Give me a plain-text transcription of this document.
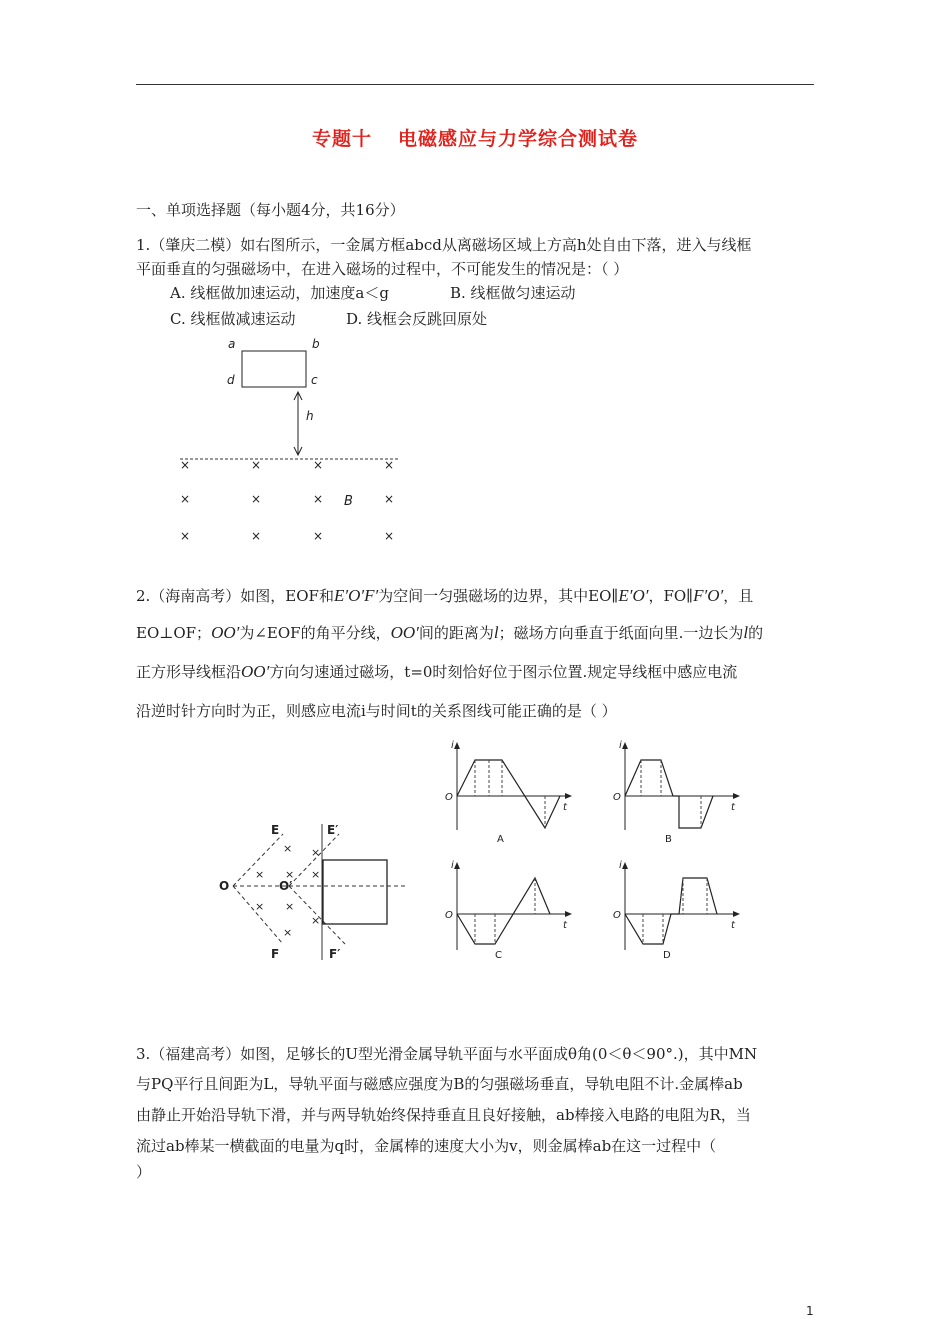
专题十 电磁感应与力学综合测试卷
一、单项选择题（每小题4分，共16分）
1.（肇庆二模）如右图所示，一金属方框abcd从离磁场区域上方高h处自由下落，进入与线框
平面垂直的匀强磁场中，在进入磁场的过程中，不可能发生的情况是：（ ）
A. 线框做加速运动，加速度a＜g	B. 线框做匀速运动
C. 线框做减速运动	D. 线框会反跳回原处
a	b
d	c
h
×	×	×	×
×	×	×	×
×	×	×	×
B
2.（海南高考）如图，EOF和E′O′F′为空间一匀强磁场的边界，其中EO∥E′O′，FO∥F′O′，且
EO⊥OF；OO′为∠EOF的角平分线，OO′间的距离为l；磁场方向垂直于纸面向里.一边长为l的
正方形导线框沿OO′方向匀速通过磁场，t=0时刻恰好位于图示位置.规定导线框中感应电流
沿逆时针方向时为正，则感应电流i与时间t的关系图线可能正确的是（ ）
×
× × ×
× ×
×
×
×
E	E′
O	O′
F	F′
i
O
t
A
i
O
t
B
i
O
t
C
i
O
t
D
3.（福建高考）如图，足够长的U型光滑金属导轨平面与水平面成θ角(0＜θ＜90°.)，其中MN
与PQ平行且间距为L，导轨平面与磁感应强度为B的匀强磁场垂直，导轨电阻不计.金属棒ab
由静止开始沿导轨下滑，并与两导轨始终保持垂直且良好接触，ab棒接入电路的电阻为R，当
流过ab棒某一横截面的电量为q时，金属棒的速度大小为v，则金属棒ab在这一过程中（
）
1
